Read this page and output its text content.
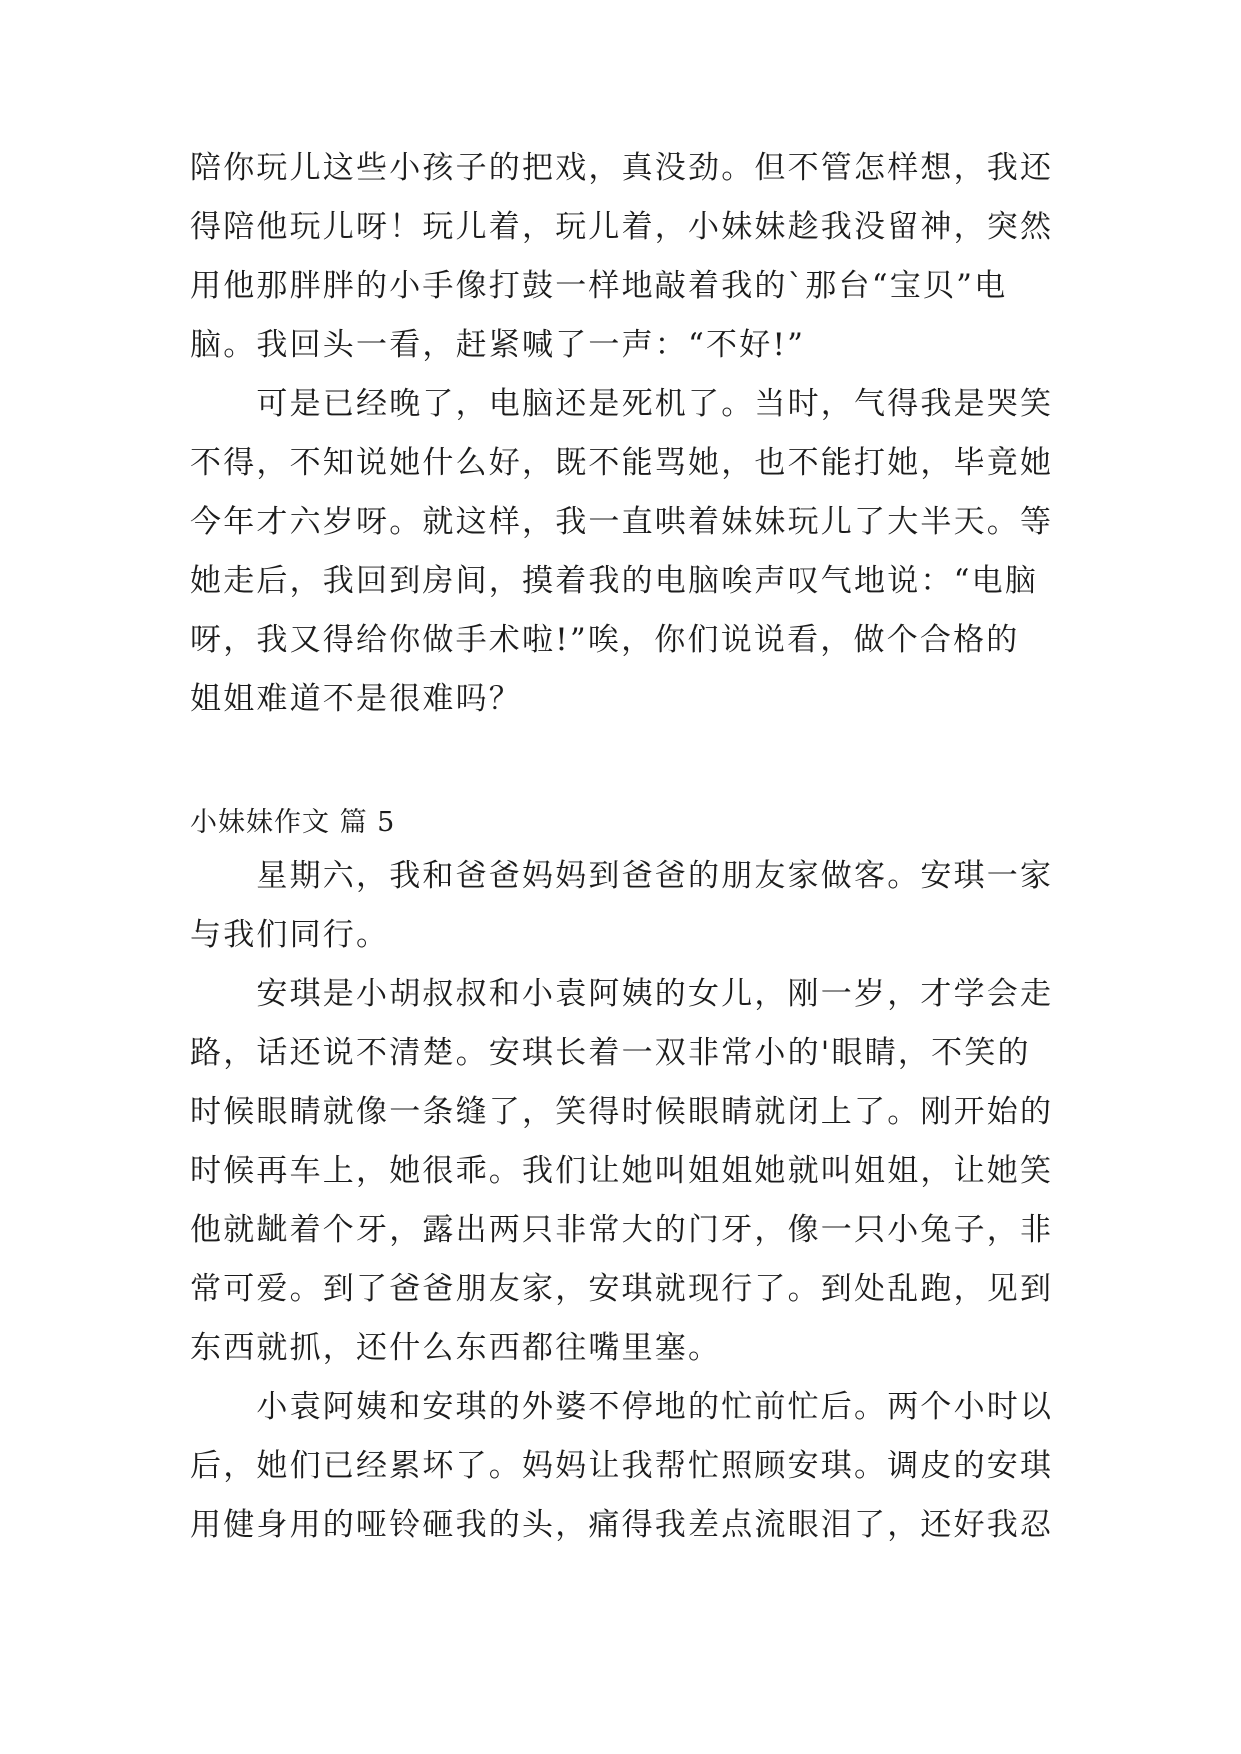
陪你玩儿这些小孩子的把戏，真没劲。但不管怎样想，我还
得陪他玩儿呀！玩儿着，玩儿着，小妹妹趁我没留神，突然
用他那胖胖的小手像打鼓一样地敲着我的`那台“宝贝”电
脑。我回头一看，赶紧喊了一声：“不好!”
　　可是已经晚了，电脑还是死机了。当时，气得我是哭笑
不得，不知说她什么好，既不能骂她，也不能打她，毕竟她
今年才六岁呀。就这样，我一直哄着妹妹玩儿了大半天。等
她走后，我回到房间，摸着我的电脑唉声叹气地说：“电脑
呀，我又得给你做手术啦!”唉，你们说说看，做个合格的
姐姐难道不是很难吗？
小妹妹作文 篇 5
　　星期六，我和爸爸妈妈到爸爸的朋友家做客。安琪一家
与我们同行。
　　安琪是小胡叔叔和小袁阿姨的女儿，刚一岁，才学会走
路，话还说不清楚。安琪长着一双非常小的'眼睛，不笑的
时候眼睛就像一条缝了，笑得时候眼睛就闭上了。刚开始的
时候再车上，她很乖。我们让她叫姐姐她就叫姐姐，让她笑
他就龇着个牙，露出两只非常大的门牙，像一只小兔子，非
常可爱。到了爸爸朋友家，安琪就现行了。到处乱跑，见到
东西就抓，还什么东西都往嘴里塞。
　　小袁阿姨和安琪的外婆不停地的忙前忙后。两个小时以
后，她们已经累坏了。妈妈让我帮忙照顾安琪。调皮的安琪
用健身用的哑铃砸我的头，痛得我差点流眼泪了，还好我忍
